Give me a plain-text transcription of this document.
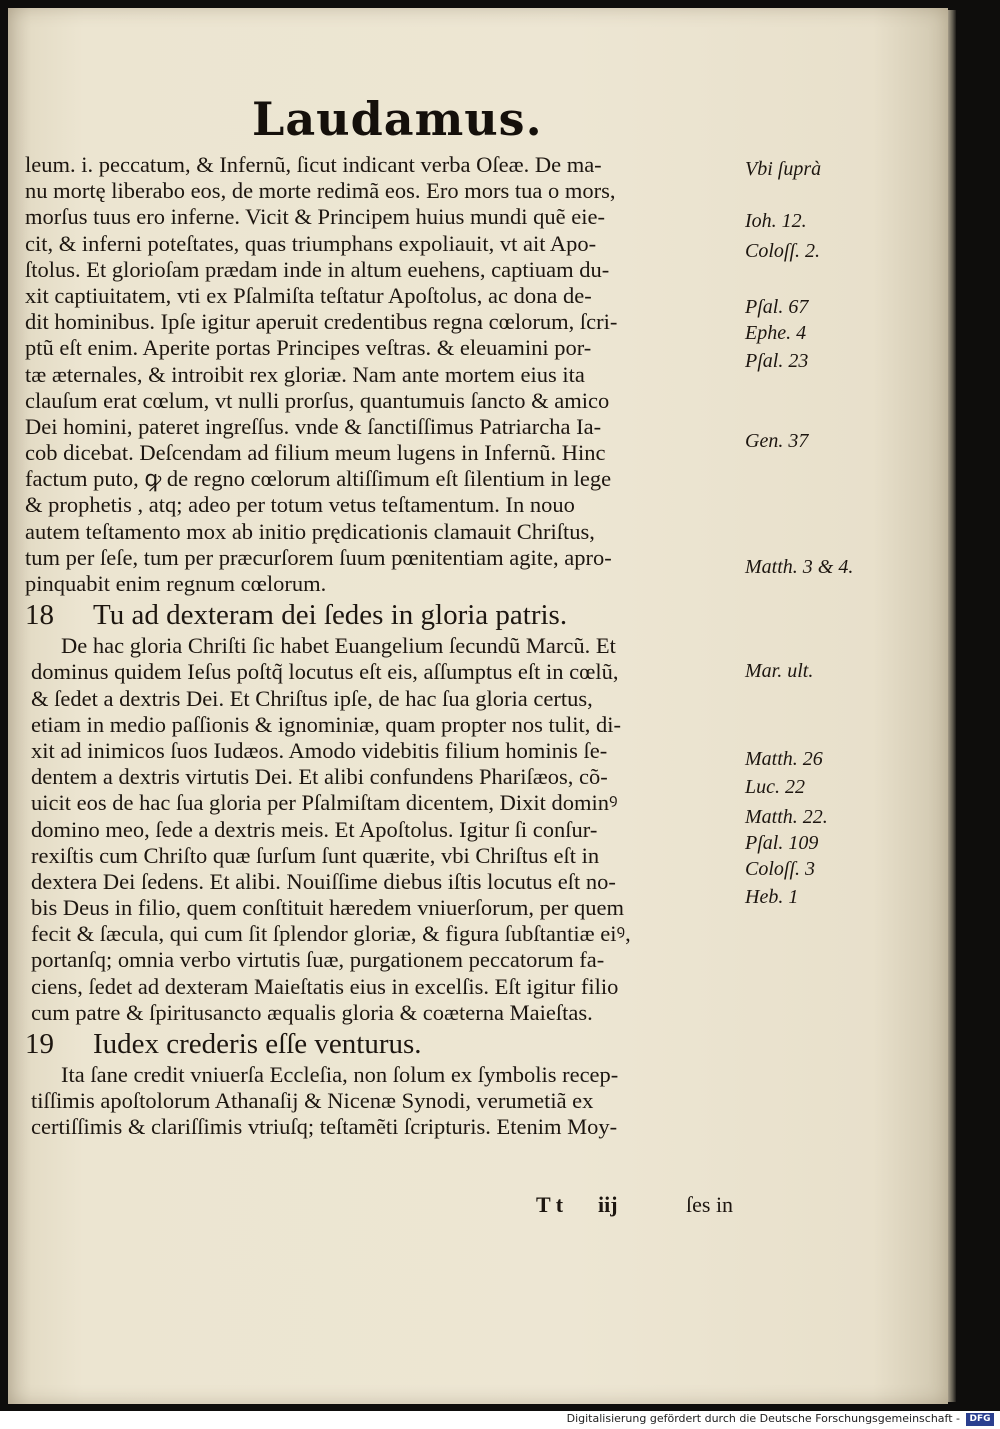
Laudamus.
leum. i. peccatum, & Infernũ, ſicut indicant verba Oſeæ. De ma-
nu mortę liberabo eos, de morte redimã eos. Ero mors tua o mors,
morſus tuus ero inferne. Vicit & Principem huius mundi quẽ eie-
cit, & inferni poteſtates, quas triumphans expoliauit, vt ait Apo-
ſtolus. Et glorioſam prædam inde in altum euehens, captiuam du-
xit captiuitatem, vti ex Pſalmiſta teſtatur Apoſtolus, ac dona de-
dit hominibus. Ipſe igitur aperuit credentibus regna cœlorum, ſcri-
ptũ eſt enim. Aperite portas Principes veſtras. & eleuamini por-
tæ æternales, & introibit rex gloriæ. Nam ante mortem eius ita
clauſum erat cœlum, vt nulli prorſus, quantumuis ſancto & amico
Dei homini, pateret ingreſſus. vnde & ſanctiſſimus Patriarcha Ia-
cob dicebat. Deſcendam ad filium meum lugens in Infernũ. Hinc
factum puto, ꝙ de regno cœlorum altiſſimum eſt ſilentium in lege
& prophetis , atq; adeo per totum vetus teſtamentum. In nouo
autem teſtamento mox ab initio prędicationis clamauit Chriſtus,
tum per ſeſe, tum per præcurſorem ſuum pœnitentiam agite, apro-
pinquabit enim regnum cœlorum.
18 Tu ad dexteram dei ſedes in gloria patris.
De hac gloria Chriſti ſic habet Euangelium ſecundũ Marcũ. Et
dominus quidem Ieſus poſtq̃ locutus eſt eis, aſſumptus eſt in cœlũ,
& ſedet a dextris Dei. Et Chriſtus ipſe, de hac ſua gloria certus,
etiam in medio paſſionis & ignominiæ, quam propter nos tulit, di-
xit ad inimicos ſuos Iudæos. Amodo videbitis filium hominis ſe-
dentem a dextris virtutis Dei. Et alibi confundens Phariſæos, cõ-
uicit eos de hac ſua gloria per Pſalmiſtam dicentem, Dixit dominꝰ
domino meo, ſede a dextris meis. Et Apoſtolus. Igitur ſi conſur-
rexiſtis cum Chriſto quæ ſurſum ſunt quærite, vbi Chriſtus eſt in
dextera Dei ſedens. Et alibi. Nouiſſime diebus iſtis locutus eſt no-
bis Deus in filio, quem conſtituit hæredem vniuerſorum, per quem
fecit & ſæcula, qui cum ſit ſplendor gloriæ, & figura ſubſtantiæ eiꝰ,
portanſq; omnia verbo virtutis ſuæ, purgationem peccatorum fa-
ciens, ſedet ad dexteram Maieſtatis eius in excelſis. Eſt igitur filio
cum patre & ſpiritusancto æqualis gloria & coæterna Maieſtas.
19 Iudex crederis eſſe venturus.
Ita ſane credit vniuerſa Eccleſia, non ſolum ex ſymbolis recep-
tiſſimis apoſtolorum Athanaſij & Nicenæ Synodi, verumetiã ex
certiſſimis & clariſſimis vtriuſq; teſtamẽti ſcripturis. Etenim Moy-
Vbi ſuprà
Ioh. 12.
Coloſſ. 2.
Pſal. 67
Ephe. 4
Pſal. 23
Gen. 37
Matth. 3 & 4.
Mar. ult.
Matth. 26
Luc. 22
Matth. 22.
Pſal. 109
Coloſſ. 3
Heb. 1
T t iij	ſes in
Digitalisierung gefördert durch die Deutsche Forschungsgemeinschaft -	DFG
